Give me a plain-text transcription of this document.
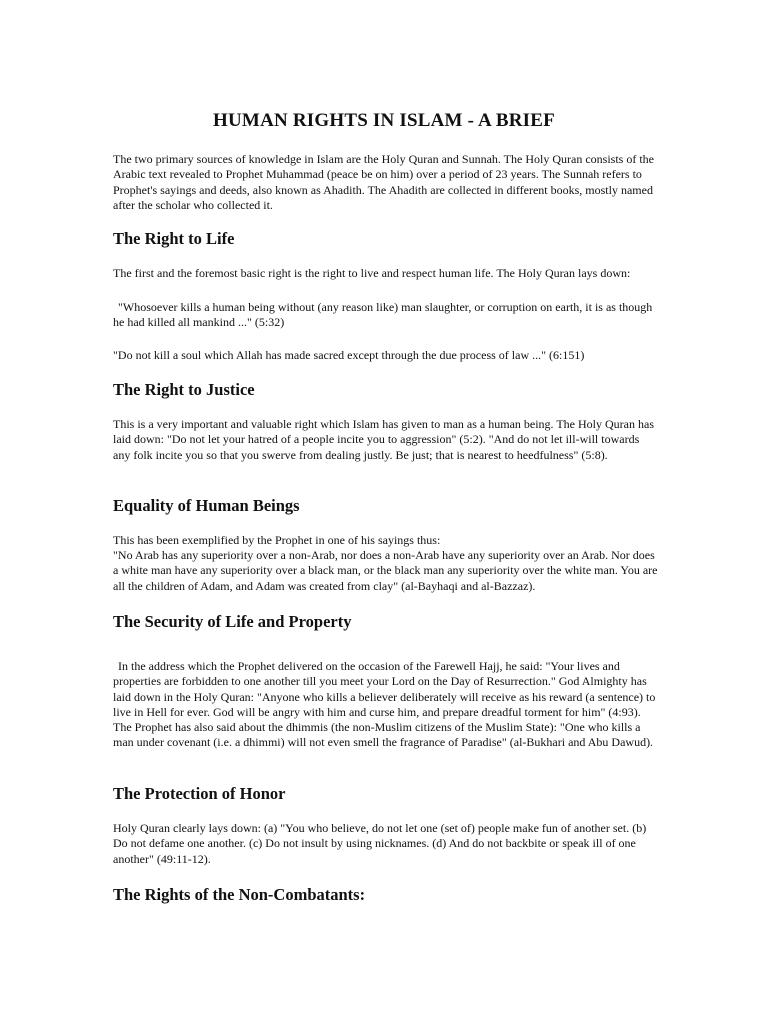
HUMAN RIGHTS IN ISLAM - A BRIEF

The two primary sources of knowledge in Islam are the Holy Quran and Sunnah. The Holy Quran consists of the Arabic text revealed to Prophet Muhammad (peace be on him) over a period of 23 years. The Sunnah refers to Prophet's sayings and deeds, also known as Ahadith. The Ahadith are collected in different books, mostly named after the scholar who collected it.

The Right to Life

The first and the foremost basic right is the right to live and respect human life. The Holy Quran lays down:

"Whosoever kills a human being without (any reason like) man slaughter, or corruption on earth, it is as though he had killed all mankind ..." (5:32)

"Do not kill a soul which Allah has made sacred except through the due process of law ..." (6:151)

The Right to Justice

This is a very important and valuable right which Islam has given to man as a human being. The Holy Quran has laid down: "Do not let your hatred of a people incite you to aggression" (5:2). "And do not let ill-will towards any folk incite you so that you swerve from dealing justly. Be just; that is nearest to heedfulness" (5:8).

Equality of Human Beings

This has been exemplified by the Prophet in one of his sayings thus:

"No Arab has any superiority over a non-Arab, nor does a non-Arab have any superiority over an Arab. Nor does a white man have any superiority over a black man, or the black man any superiority over the white man. You are all the children of Adam, and Adam was created from clay" (al-Bayhaqi and al-Bazzaz).

The Security of Life and Property

In the address which the Prophet delivered on the occasion of the Farewell Hajj, he said: "Your lives and properties are forbidden to one another till you meet your Lord on the Day of Resurrection." God Almighty has laid down in the Holy Quran: "Anyone who kills a believer deliberately will receive as his reward (a sentence) to live in Hell for ever. God will be angry with him and curse him, and prepare dreadful torment for him" (4:93). The Prophet has also said about the dhimmis (the non-Muslim citizens of the Muslim State): "One who kills a man under covenant (i.e. a dhimmi) will not even smell the fragrance of Paradise" (al-Bukhari and Abu Dawud).

The Protection of Honor

Holy Quran clearly lays down: (a) "You who believe, do not let one (set of) people make fun of another set. (b) Do not defame one another. (c) Do not insult by using nicknames. (d) And do not backbite or speak ill of one another" (49:11-12).

The Rights of the Non-Combatants:
